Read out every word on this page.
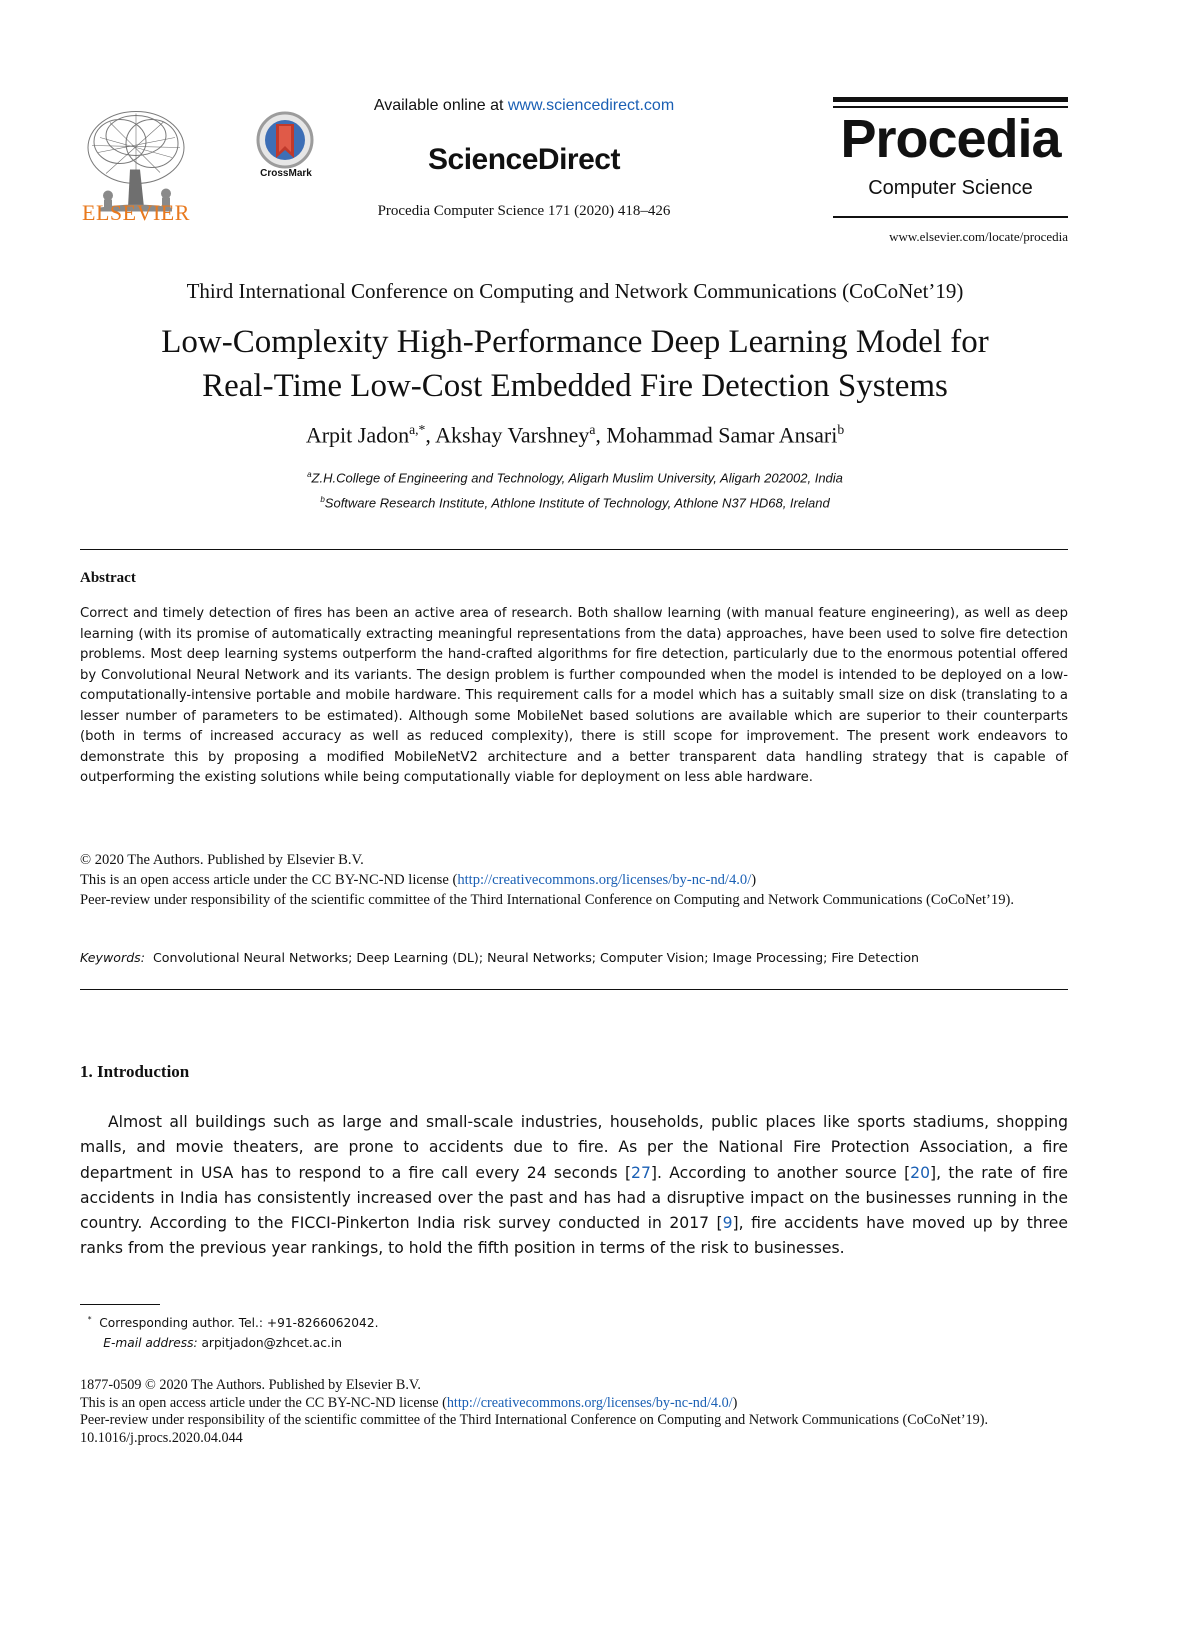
ELSEVIER
CrossMark
Available online at www.sciencedirect.com
ScienceDirect
Procedia Computer Science 171 (2020) 418–426
Procedia
Computer Science
www.elsevier.com/locate/procedia
Third International Conference on Computing and Network Communications (CoCoNet’19)
Low-Complexity High-Performance Deep Learning Model for
Real-Time Low-Cost Embedded Fire Detection Systems
Arpit Jadon$^{a,*}$, Akshay Varshney$^a$, Mohammad Samar Ansari$^b$
$^a$Z.H.College of Engineering and Technology, Aligarh Muslim University, Aligarh 202002, India
$^b$Software Research Institute, Athlone Institute of Technology, Athlone N37 HD68, Ireland
Abstract
Correct and timely detection of fires has been an active area of research. Both shallow learning (with manual feature engineering), as well as deep learning (with its promise of automatically extracting meaningful representations from the data) approaches, have been used to solve fire detection problems. Most deep learning systems outperform the hand-crafted algorithms for fire detection, particularly due to the enormous potential offered by Convolutional Neural Network and its variants. The design problem is further compounded when the model is intended to be deployed on a low-computationally-intensive portable and mobile hardware. This requirement calls for a model which has a suitably small size on disk (translating to a lesser number of parameters to be estimated). Although some MobileNet based solutions are available which are superior to their counterparts (both in terms of increased accuracy as well as reduced complexity), there is still scope for improvement. The present work endeavors to demonstrate this by proposing a modified MobileNetV2 architecture and a better transparent data handling strategy that is capable of outperforming the existing solutions while being computationally viable for deployment on less able hardware.

© 2020 The Authors. Published by Elsevier B.V.

This is an open access article under the CC BY-NC-ND license (http://creativecommons.org/licenses/by-nc-nd/4.0/)

Peer-review under responsibility of the scientific committee of the Third International Conference on Computing and Network Communications (CoCoNet’19).

Keywords: Convolutional Neural Networks; Deep Learning (DL); Neural Networks; Computer Vision; Image Processing; Fire Detection
1. Introduction
Almost all buildings such as large and small-scale industries, households, public places like sports stadiums, shopping malls, and movie theaters, are prone to accidents due to fire. As per the National Fire Protection Association, a fire department in USA has to respond to a fire call every 24 seconds [27]. According to another source [20], the rate of fire accidents in India has consistently increased over the past and has had a disruptive impact on the businesses running in the country. According to the FICCI-Pinkerton India risk survey conducted in 2017 [9], fire accidents have moved up by three ranks from the previous year rankings, to hold the fifth position in terms of the risk to businesses.
* Corresponding author. Tel.: +91-8266062042.
E-mail address: arpitjadon@zhcet.ac.in

1877-0509 © 2020 The Authors. Published by Elsevier B.V.

This is an open access article under the CC BY-NC-ND license (http://creativecommons.org/licenses/by-nc-nd/4.0/)

Peer-review under responsibility of the scientific committee of the Third International Conference on Computing and Network Communications (CoCoNet’19).

10.1016/j.procs.2020.04.044
